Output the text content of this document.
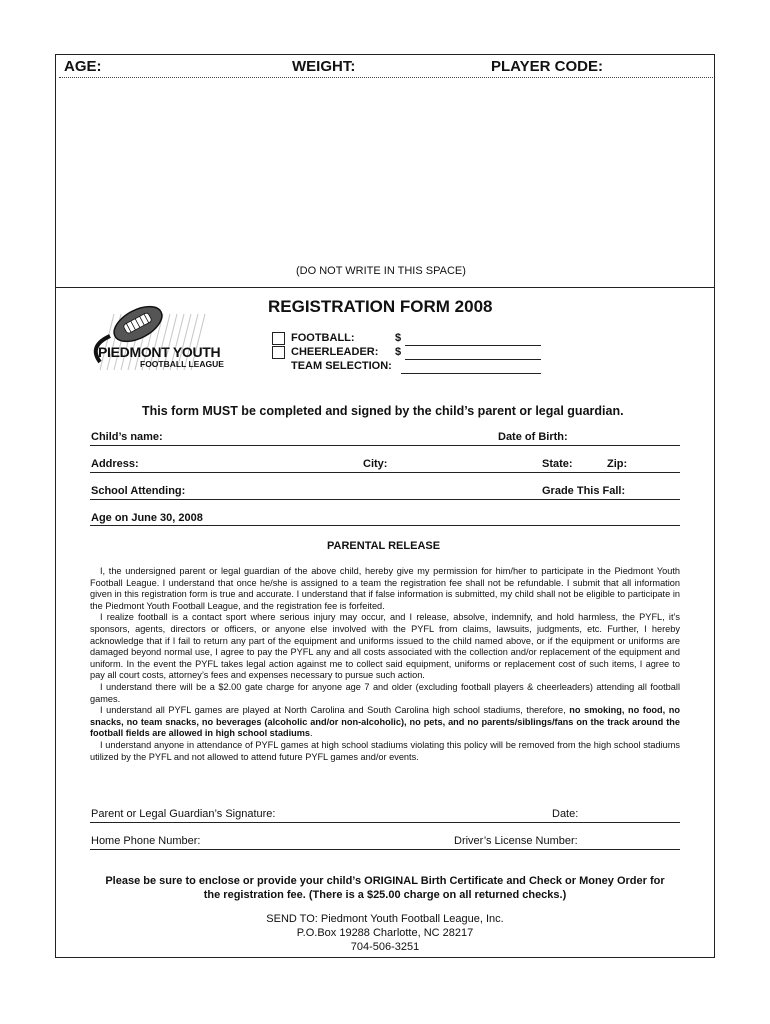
AGE:	WEIGHT:	PLAYER CODE:
(DO NOT WRITE IN THIS SPACE)
PIEDMONT YOUTH
FOOTBALL LEAGUE
REGISTRATION FORM 2008
FOOTBALL:	$
CHEERLEADER: $
TEAM SELECTION:
This form MUST be completed and signed by the child’s parent or legal guardian.
Child’s name:	Date of Birth:
Address:	City:	State:	Zip:
School Attending:	Grade This Fall:
Age on June 30, 2008
PARENTAL RELEASE

I, the undersigned parent or legal guardian of the above child, hereby give my permission for him/her to participate in the Piedmont Youth Football League. I understand that once he/she is assigned to a team the registration fee shall not be refundable. I submit that all information given in this registration form is true and accurate. I understand that if false information is submitted, my child shall not be eligible to participate in the Piedmont Youth Football League, and the registration fee is forfeited.

I realize football is a contact sport where serious injury may occur, and I release, absolve, indemnify, and hold harmless, the PYFL, it’s sponsors, agents, directors or officers, or anyone else involved with the PYFL from claims, lawsuits, judgments, etc. Further, I hereby acknowledge that if I fail to return any part of the equipment and uniforms issued to the child named above, or if the equipment or uniforms are damaged beyond normal use, I agree to pay the PYFL any and all costs associated with the collection and/or replacement of the equipment and uniform. In the event the PYFL takes legal action against me to collect said equipment, uniforms or replacement cost of such items, I agree to pay all court costs, attorney’s fees and expenses necessary to pursue such action.

I understand there will be a $2.00 gate charge for anyone age 7 and older (excluding football players & cheerleaders) attending all football games.

I understand all PYFL games are played at North Carolina and South Carolina high school stadiums, therefore, no smoking, no food, no snacks, no team snacks, no beverages (alcoholic and/or non-alcoholic), no pets, and no parents/siblings/fans on the track around the football fields are allowed in high school stadiums.

I understand anyone in attendance of PYFL games at high school stadiums violating this policy will be removed from the high school stadiums utilized by the PYFL and not allowed to attend future PYFL games and/or events.

Parent or Legal Guardian’s Signature:	Date:
Home Phone Number:	Driver’s License Number:
Please be sure to enclose or provide your child’s ORIGINAL Birth Certificate and Check or Money Order for
the registration fee. (There is a $25.00 charge on all returned checks.)
SEND TO: Piedmont Youth Football League, Inc.
P.O.Box 19288 Charlotte, NC 28217
704-506-3251
